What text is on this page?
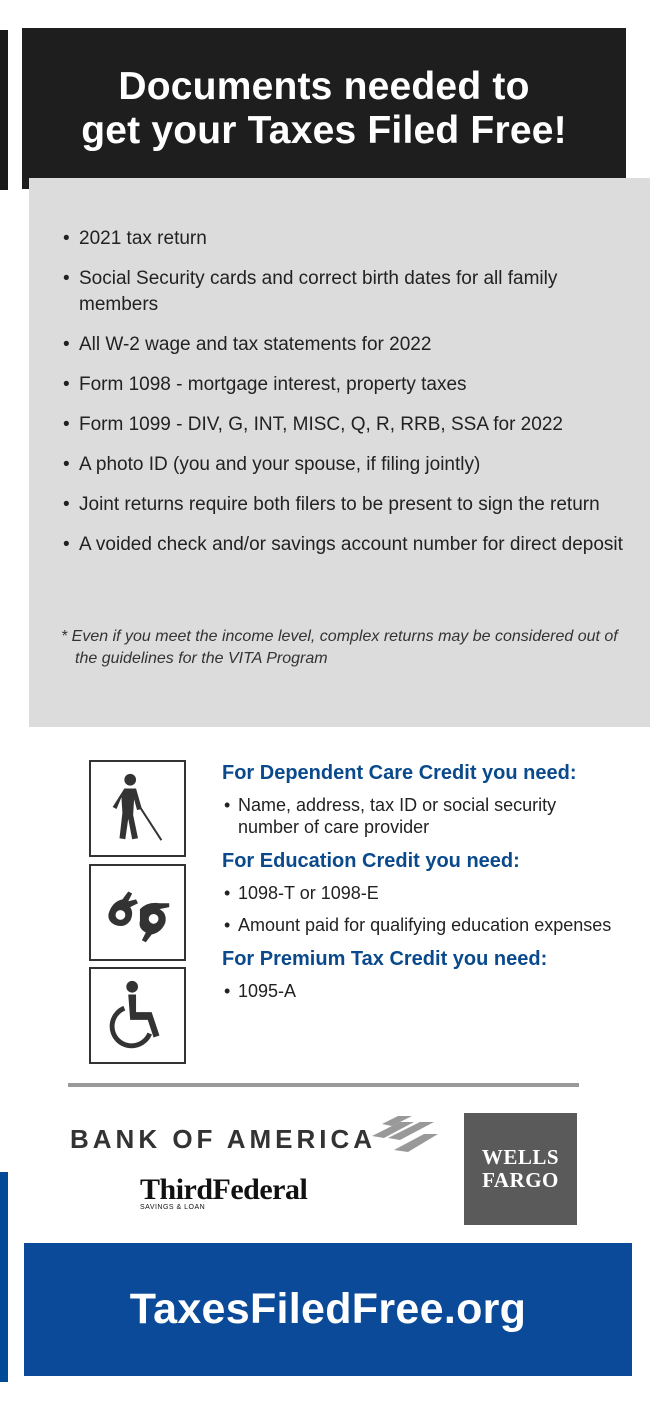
Documents needed to
get your Taxes Filed Free!
• 2021 tax return
• Social Security cards and correct birth dates for all family members
• All W-2 wage and tax statements for 2022
• Form 1098 - mortgage interest, property taxes
• Form 1099 - DIV, G, INT, MISC, Q, R, RRB, SSA for 2022
• A photo ID (you and your spouse, if filing jointly)
• Joint returns require both filers to be present to sign the return
• A voided check and/or savings account number for direct deposit
* Even if you meet the income level, complex returns may be considered out of the guidelines for the VITA Program
For Dependent Care Credit you need:
• Name, address, tax ID or social security number of care provider
For Education Credit you need:
• 1098-T or 1098-E
• Amount paid for qualifying education expenses
For Premium Tax Credit you need:
• 1095-A
BANK OF AMERICA
ThirdFederal
SAVINGS & LOAN
WELLS
FARGO
TaxesFiledFree.org
